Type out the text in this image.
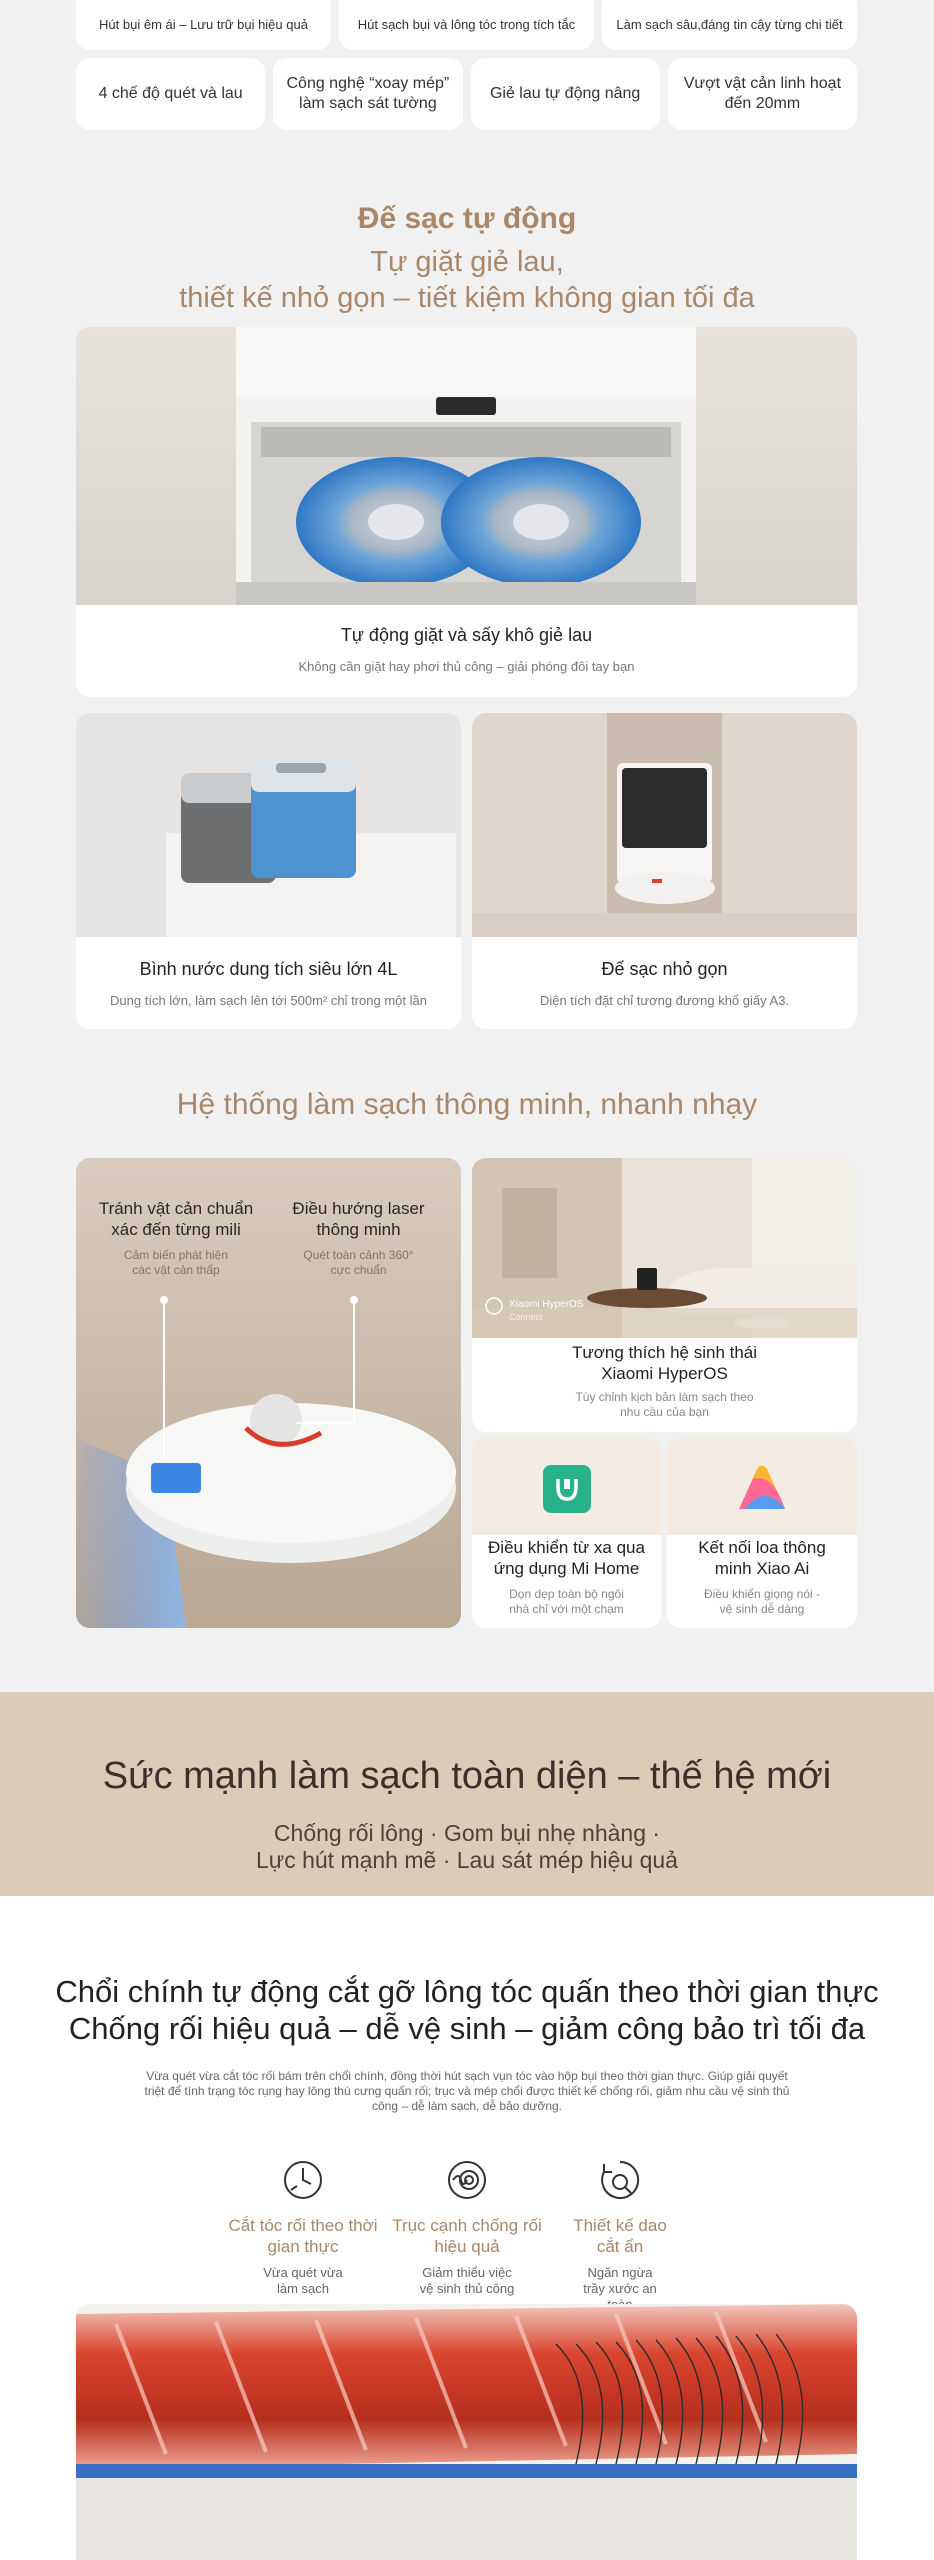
Hút bụi êm ái – Lưu trữ bụi hiệu quả	Hút sạch bụi và lông tóc trong tích tắc	Làm sạch sâu,đáng tin cậy từng chi tiết
4 chế độ quét và lau
Công nghệ “xoay mép” làm sạch sát tường
Giẻ lau tự động nâng
Vượt vật cản linh hoạt đến 20mm
Đế sạc tự động
Tự giặt giẻ lau,
thiết kế nhỏ gọn – tiết kiệm không gian tối đa
Tự động giặt và sấy khô giẻ lau
Không cần giặt hay phơi thủ công – giải phóng đôi tay bạn
Bình nước dung tích siêu lớn 4L
Dung tích lớn, làm sạch lên tới 500m² chỉ trong một lần
Đế sạc nhỏ gọn
Diện tích đặt chỉ tương đương khổ giấy A3.
Hệ thống làm sạch thông minh, nhanh nhạy
Tránh vật cản chuẩn xác đến từng mili
Cảm biến phát hiện các vật cản thấp
Điều hướng laser thông minh
Quét toàn cảnh 360° cực chuẩn
Xiaomi HyperOS
Connect
Tương thích hệ sinh thái Xiaomi HyperOS
Tùy chỉnh kịch bản làm sạch theo nhu cầu của bạn
Điều khiển từ xa qua ứng dụng Mi Home
Dọn dẹp toàn bộ ngôi nhà chỉ với một chạm
Kết nối loa thông minh Xiao Ai
Điều khiển giọng nói - vệ sinh dễ dàng
Sức mạnh làm sạch toàn diện – thế hệ mới
Chống rối lông · Gom bụi nhẹ nhàng ·
Lực hút mạnh mẽ · Lau sát mép hiệu quả
Chổi chính tự động cắt gỡ lông tóc quấn theo thời gian thực
Chống rối hiệu quả – dễ vệ sinh – giảm công bảo trì tối đa
Vừa quét vừa cắt tóc rối bám trên chổi chính, đồng thời hút sạch vụn tóc vào hộp bụi theo thời gian thực. Giúp giải quyết triệt để tình trạng tóc rụng hay lông thú cưng quấn rối; trục và mép chổi được thiết kế chống rối, giảm nhu cầu vệ sinh thủ công – dễ làm sạch, dễ bảo dưỡng.
Cắt tóc rối theo thời gian thực
Vừa quét vừa làm sạch
Trục cạnh chống rối hiệu quả
Giảm thiểu việc vệ sinh thủ công
Thiết kế dao cắt ẩn
Ngăn ngừa trầy xước an
